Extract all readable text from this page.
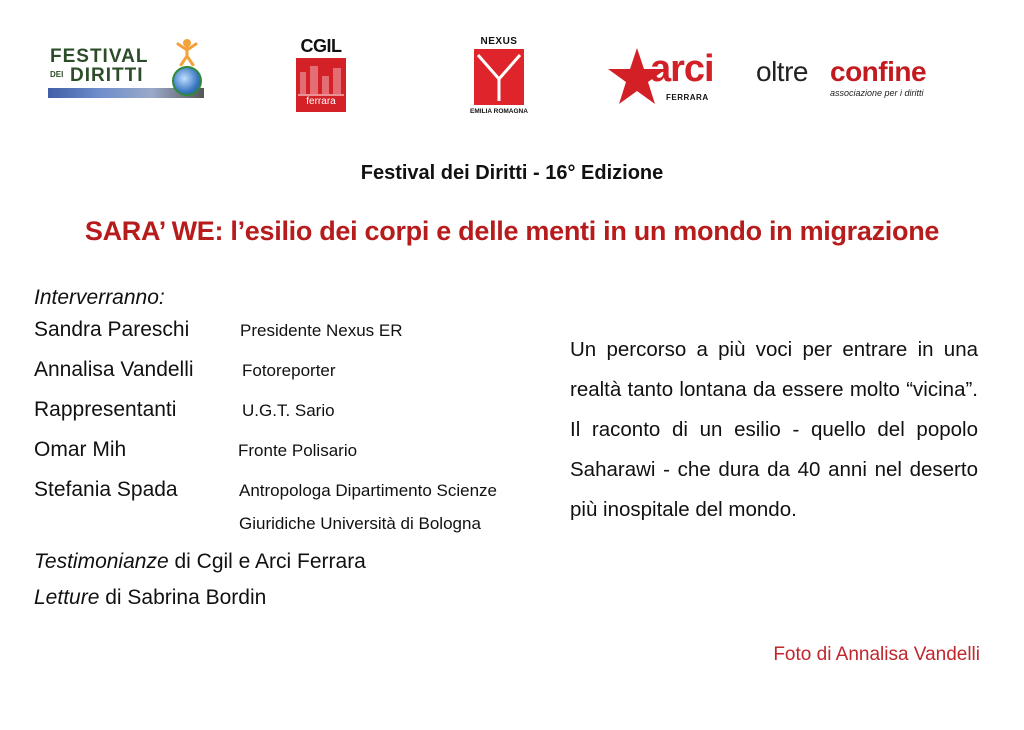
FESTIVAL
DEI DIRITTI
CGIL
ferrara
NEXUS
EMILIA ROMAGNA
arci
FERRARA
oltre confine
associazione per i diritti
Festival dei Diritti - 16° Edizione
SARA’ WE: l’esilio dei corpi e delle menti in un mondo in migrazione
Interverranno:
Sandra Pareschi	Presidente Nexus ER
Annalisa Vandelli	Fotoreporter
Rappresentanti	U.G.T. Sario
Omar Mih	Fronte Polisario
Stefania Spada	Antropologa Dipartimento Scienze
Giuridiche Università di Bologna
Testimonianze di Cgil e Arci Ferrara
Letture di Sabrina Bordin
Un percorso a più voci per entrare in una realtà tanto lontana da essere molto “vicina”. Il raconto di un esilio - quello del popolo Saharawi - che dura da 40 anni nel deserto più inospitale del mondo.
Foto di Annalisa Vandelli
